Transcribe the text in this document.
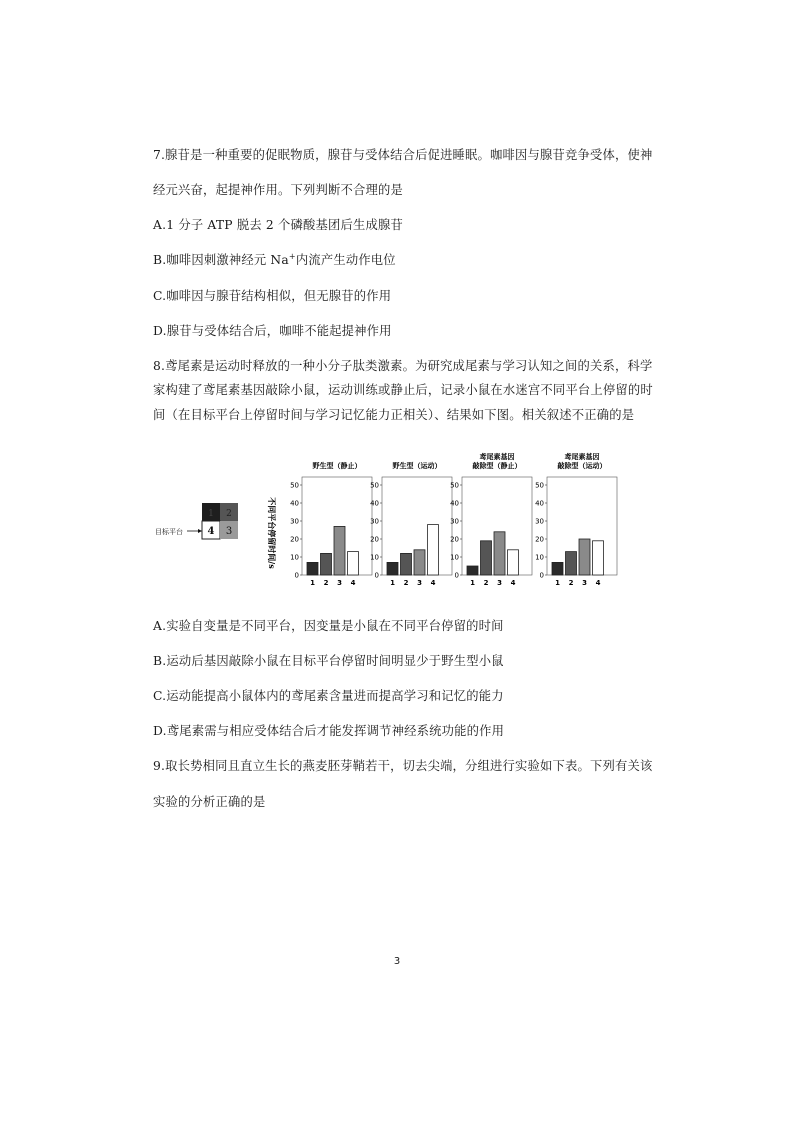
7.腺苷是一种重要的促眠物质，腺苷与受体结合后促进睡眠。咖啡因与腺苷竞争受体，使神
经元兴奋，起提神作用。下列判断不合理的是
A.1 分子 ATP 脱去 2 个磷酸基团后生成腺苷
B.咖啡因刺激神经元 Na+内流产生动作电位
C.咖啡因与腺苷结构相似，但无腺苷的作用
D.腺苷与受体结合后，咖啡不能起提神作用
8.鸢尾素是运动时释放的一种小分子肽类激素。为研究成尾素与学习认知之间的关系，科学
家构建了鸢尾素基因敲除小鼠，运动训练或静止后，记录小鼠在水迷宫不同平台上停留的时
间（在目标平台上停留时间与学习记忆能力正相关）、结果如下图。相关叙述不正确的是
1 2
4 3
目标平台	不同平台停留时间/s
野生型（静止）
0
10
20
30
40
50
1 2 3 4
野生型（运动）
0
10
20
30
40
50
1 2 3 4
鸢尾素基因
敲除型（静止）
0
10
20
30
40
50
1 2 3 4
鸢尾素基因
敲除型（运动）
0
10
20
30
40
50
1 2 3 4
A.实验自变量是不同平台，因变量是小鼠在不同平台停留的时间
B.运动后基因敲除小鼠在目标平台停留时间明显少于野生型小鼠
C.运动能提高小鼠体内的鸢尾素含量进而提高学习和记忆的能力
D.鸢尾素需与相应受体结合后才能发挥调节神经系统功能的作用
9.取长势相同且直立生长的燕麦胚芽鞘若干，切去尖端，分组进行实验如下表。下列有关该
实验的分析正确的是
3
